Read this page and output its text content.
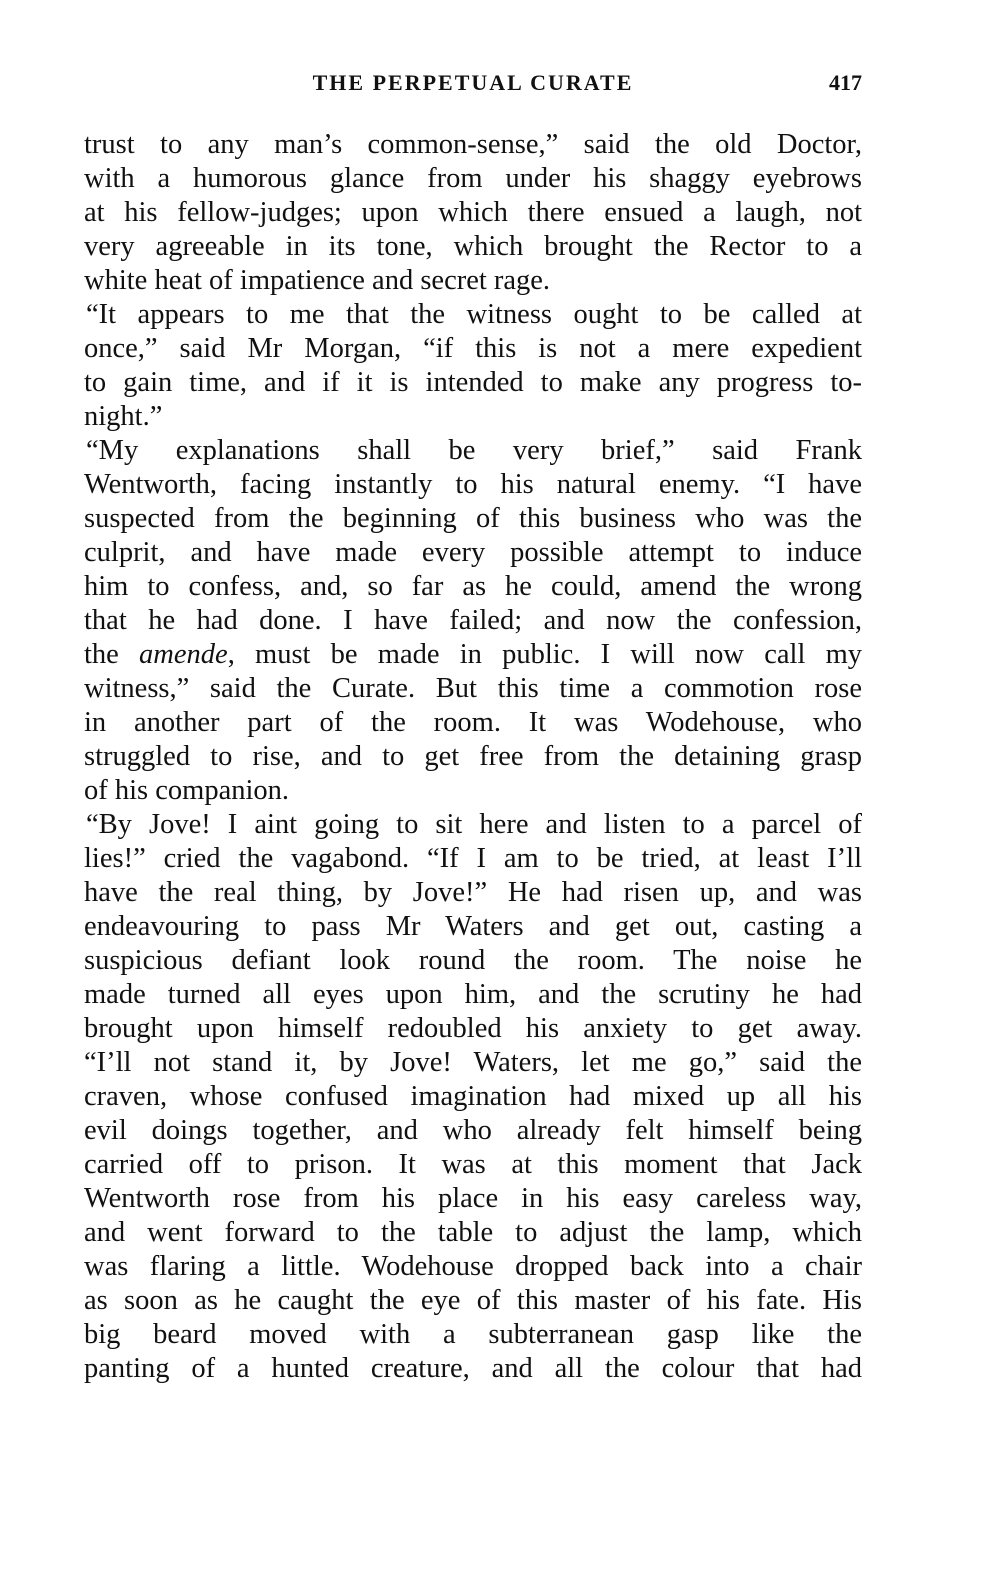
THE PERPETUAL CURATE	417
trust to any man’s common-sense,” said the old Doctor,
with a humorous glance from under his shaggy eyebrows
at his fellow-judges; upon which there ensued a laugh, not
very agreeable in its tone, which brought the Rector to a
white heat of impatience and secret rage.
“It appears to me that the witness ought to be called at
once,” said Mr Morgan, “if this is not a mere expedient
to gain time, and if it is intended to make any progress to-
night.”
“My explanations shall be very brief,” said Frank
Wentworth, facing instantly to his natural enemy. “I have
suspected from the beginning of this business who was the
culprit, and have made every possible attempt to induce
him to confess, and, so far as he could, amend the wrong
that he had done. I have failed; and now the confession,
the amende, must be made in public. I will now call my
witness,” said the Curate. But this time a commotion rose
in another part of the room. It was Wodehouse, who
struggled to rise, and to get free from the detaining grasp
of his companion.
“By Jove! I aint going to sit here and listen to a parcel of
lies!” cried the vagabond. “If I am to be tried, at least I’ll
have the real thing, by Jove!” He had risen up, and was
endeavouring to pass Mr Waters and get out, casting a
suspicious defiant look round the room. The noise he
made turned all eyes upon him, and the scrutiny he had
brought upon himself redoubled his anxiety to get away.
“I’ll not stand it, by Jove! Waters, let me go,” said the
craven, whose confused imagination had mixed up all his
evil doings together, and who already felt himself being
carried off to prison. It was at this moment that Jack
Wentworth rose from his place in his easy careless way,
and went forward to the table to adjust the lamp, which
was flaring a little. Wodehouse dropped back into a chair
as soon as he caught the eye of this master of his fate. His
big beard moved with a subterranean gasp like the
panting of a hunted creature, and all the colour that had
